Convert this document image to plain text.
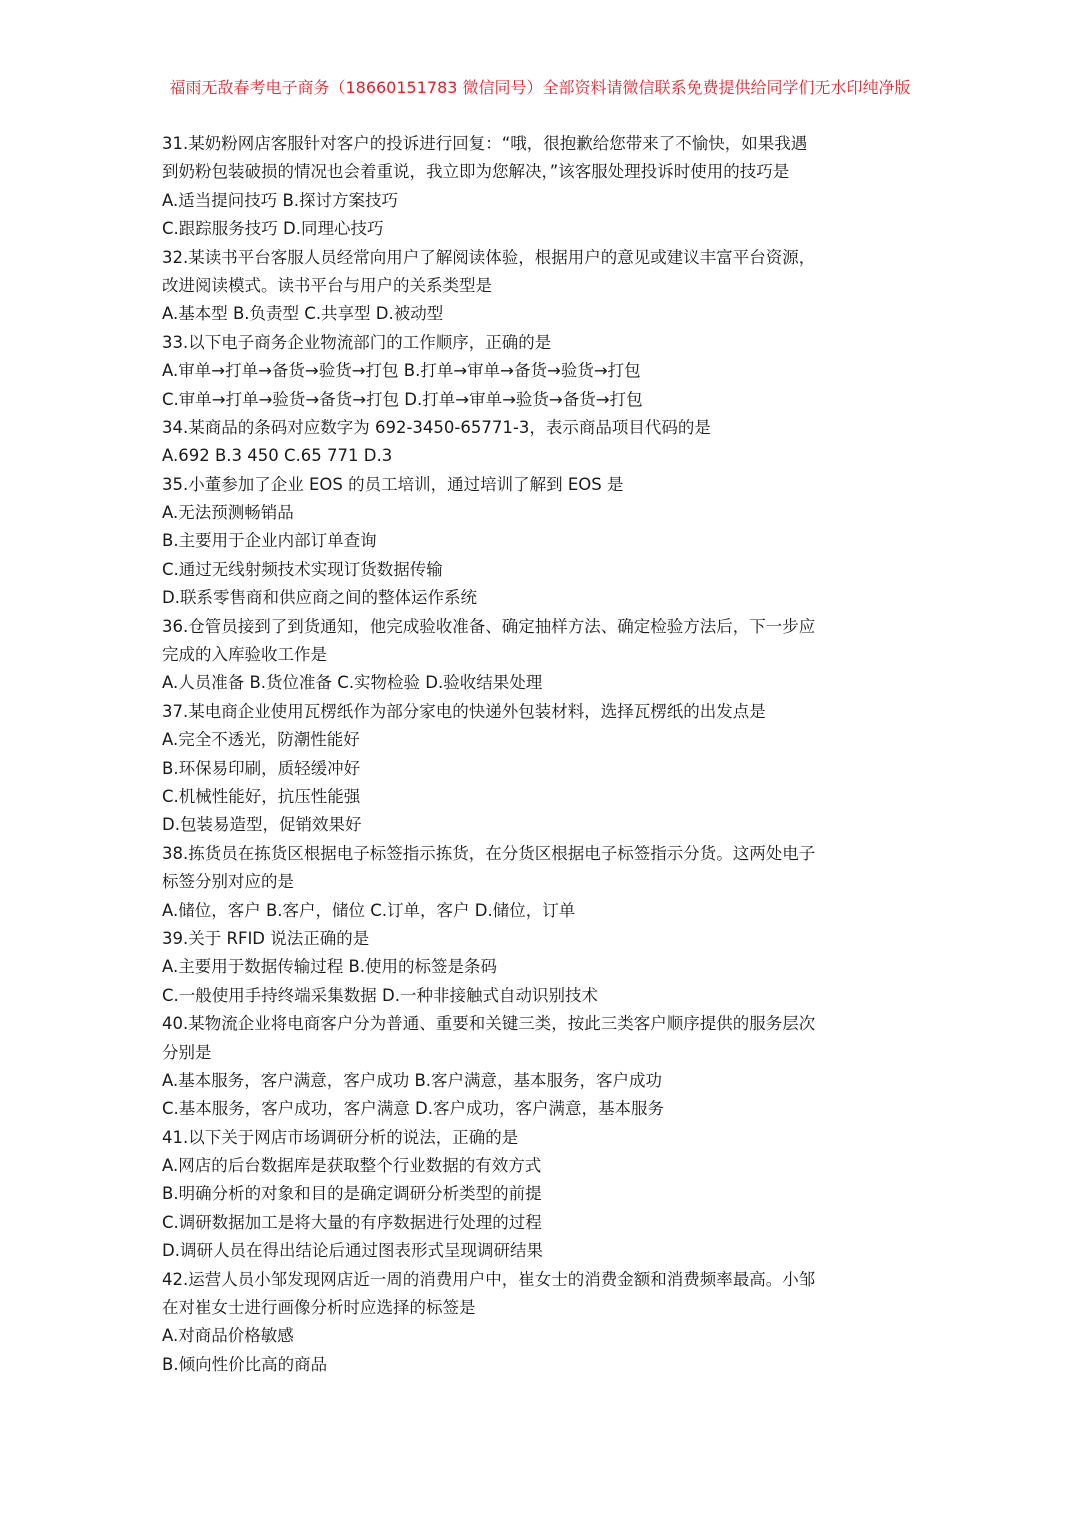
福雨无敌春考电子商务（18660151783 微信同号）全部资料请微信联系免费提供给同学们无水印纯净版
31.某奶粉网店客服针对客户的投诉进行回复：“哦，很抱歉给您带来了不愉快，如果我遇
到奶粉包装破损的情况也会着重说，我立即为您解决，”该客服处理投诉时使用的技巧是
A.适当提问技巧 B.探讨方案技巧
C.跟踪服务技巧 D.同理心技巧
32.某读书平台客服人员经常向用户了解阅读体验，根据用户的意见或建议丰富平台资源，
改进阅读模式。读书平台与用户的关系类型是
A.基本型 B.负责型 C.共享型 D.被动型
33.以下电子商务企业物流部门的工作顺序，正确的是
A.审单→打单→备货→验货→打包 B.打单→审单→备货→验货→打包
C.审单→打单→验货→备货→打包 D.打单→审单→验货→备货→打包
34.某商品的条码对应数字为 692-3450-65771-3，表示商品项目代码的是
A.692 B.3 450 C.65 771 D.3
35.小董参加了企业 EOS 的员工培训，通过培训了解到 EOS 是
A.无法预测畅销品
B.主要用于企业内部订单查询
C.通过无线射频技术实现订货数据传输
D.联系零售商和供应商之间的整体运作系统
36.仓管员接到了到货通知，他完成验收准备、确定抽样方法、确定检验方法后，下一步应
完成的入库验收工作是
A.人员准备 B.货位准备 C.实物检验 D.验收结果处理
37.某电商企业使用瓦楞纸作为部分家电的快递外包装材料，选择瓦楞纸的出发点是
A.完全不透光，防潮性能好
B.环保易印刷，质轻缓冲好
C.机械性能好，抗压性能强
D.包装易造型，促销效果好
38.拣货员在拣货区根据电子标签指示拣货，在分货区根据电子标签指示分货。这两处电子
标签分别对应的是
A.储位，客户 B.客户，储位 C.订单，客户 D.储位，订单
39.关于 RFID 说法正确的是
A.主要用于数据传输过程 B.使用的标签是条码
C.一般使用手持终端采集数据 D.一种非接触式自动识别技术
40.某物流企业将电商客户分为普通、重要和关键三类，按此三类客户顺序提供的服务层次
分别是
A.基本服务，客户满意，客户成功 B.客户满意，基本服务，客户成功
C.基本服务，客户成功，客户满意 D.客户成功，客户满意，基本服务
41.以下关于网店市场调研分析的说法，正确的是
A.网店的后台数据库是获取整个行业数据的有效方式
B.明确分析的对象和目的是确定调研分析类型的前提
C.调研数据加工是将大量的有序数据进行处理的过程
D.调研人员在得出结论后通过图表形式呈现调研结果
42.运营人员小邹发现网店近一周的消费用户中，崔女士的消费金额和消费频率最高。小邹
在对崔女士进行画像分析时应选择的标签是
A.对商品价格敏感
B.倾向性价比高的商品
